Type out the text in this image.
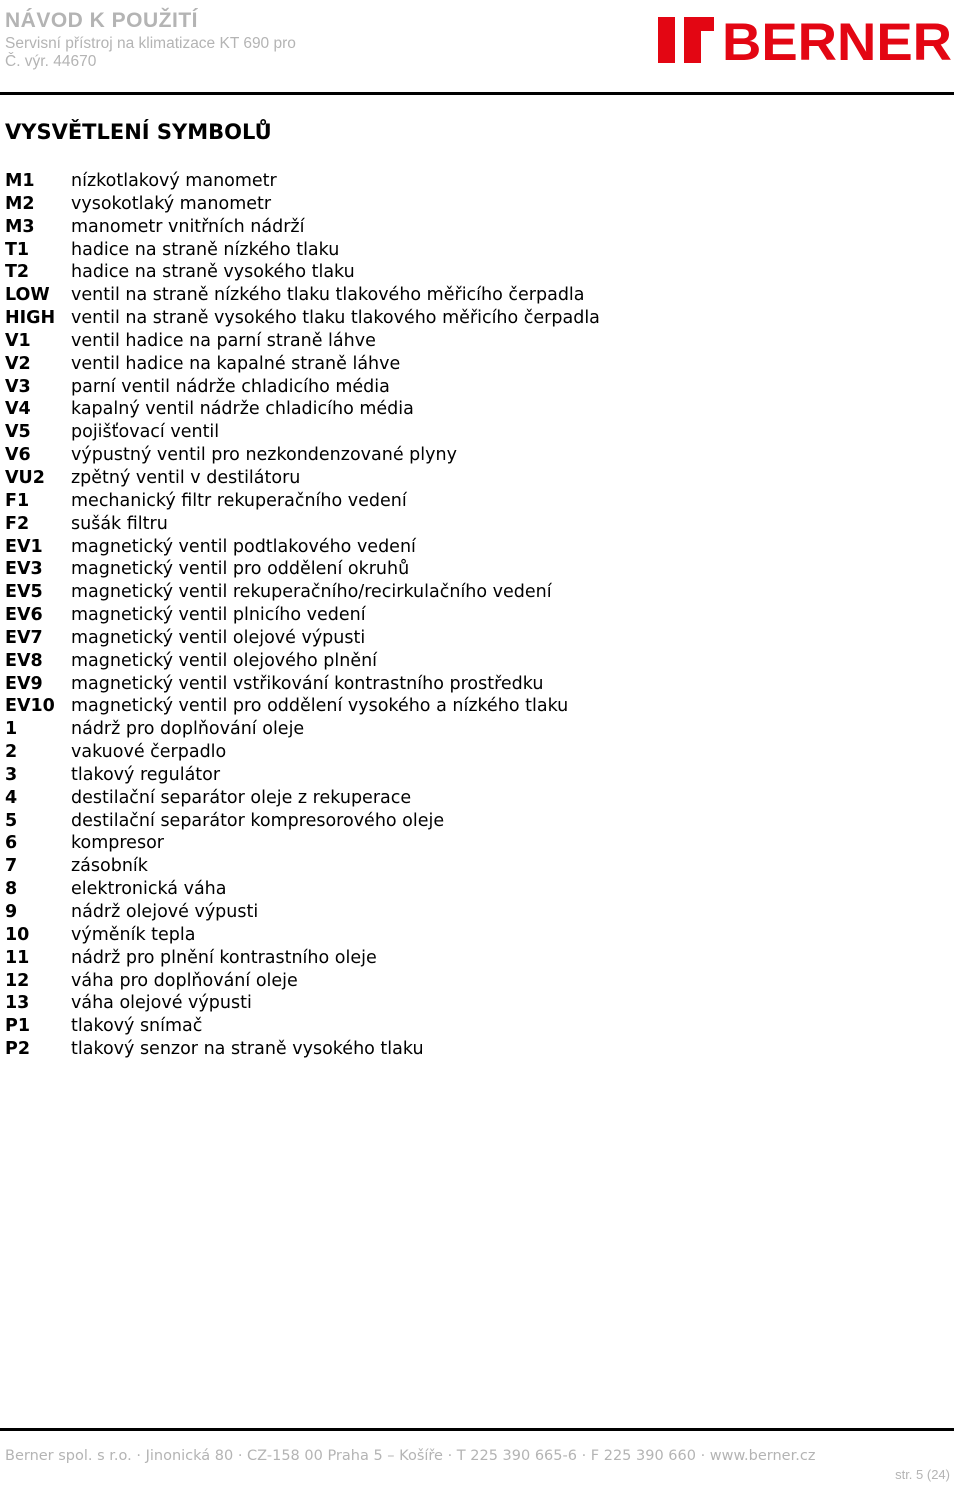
NÁVOD K POUŽITÍ
Servisní přístroj na klimatizace KT 690 pro
Č. výr. 44670	BERNER
VYSVĚTLENÍ SYMBOLŮ
M1 nízkotlakový manometr
M2 vysokotlaký manometr
M3 manometr vnitřních nádrží
T1 hadice na straně nízkého tlaku
T2 hadice na straně vysokého tlaku
LOW ventil na straně nízkého tlaku tlakového měřicího čerpadla
HIGH ventil na straně vysokého tlaku tlakového měřicího čerpadla
V1 ventil hadice na parní straně láhve
V2 ventil hadice na kapalné straně láhve
V3 parní ventil nádrže chladicího média
V4 kapalný ventil nádrže chladicího média
V5 pojišťovací ventil
V6 výpustný ventil pro nezkondenzované plyny
VU2 zpětný ventil v destilátoru
F1 mechanický filtr rekuperačního vedení
F2 sušák filtru
EV1 magnetický ventil podtlakového vedení
EV3 magnetický ventil pro oddělení okruhů
EV5 magnetický ventil rekuperačního/recirkulačního vedení
EV6 magnetický ventil plnicího vedení
EV7 magnetický ventil olejové výpusti
EV8 magnetický ventil olejového plnění
EV9 magnetický ventil vstřikování kontrastního prostředku
EV10 magnetický ventil pro oddělení vysokého a nízkého tlaku
1	nádrž pro doplňování oleje
2	vakuové čerpadlo
3	tlakový regulátor
4	destilační separátor oleje z rekuperace
5	destilační separátor kompresorového oleje
6	kompresor
7	zásobník
8	elektronická váha
9	nádrž olejové výpusti
10 výměník tepla
11 nádrž pro plnění kontrastního oleje
12 váha pro doplňování oleje
13 váha olejové výpusti
P1 tlakový snímač
P2 tlakový senzor na straně vysokého tlaku
Berner spol. s r.o. · Jinonická 80 · CZ-158 00 Praha 5 – Košíře · T 225 390 665-6 · F 225 390 660 · www.berner.cz
str. 5 (24)
